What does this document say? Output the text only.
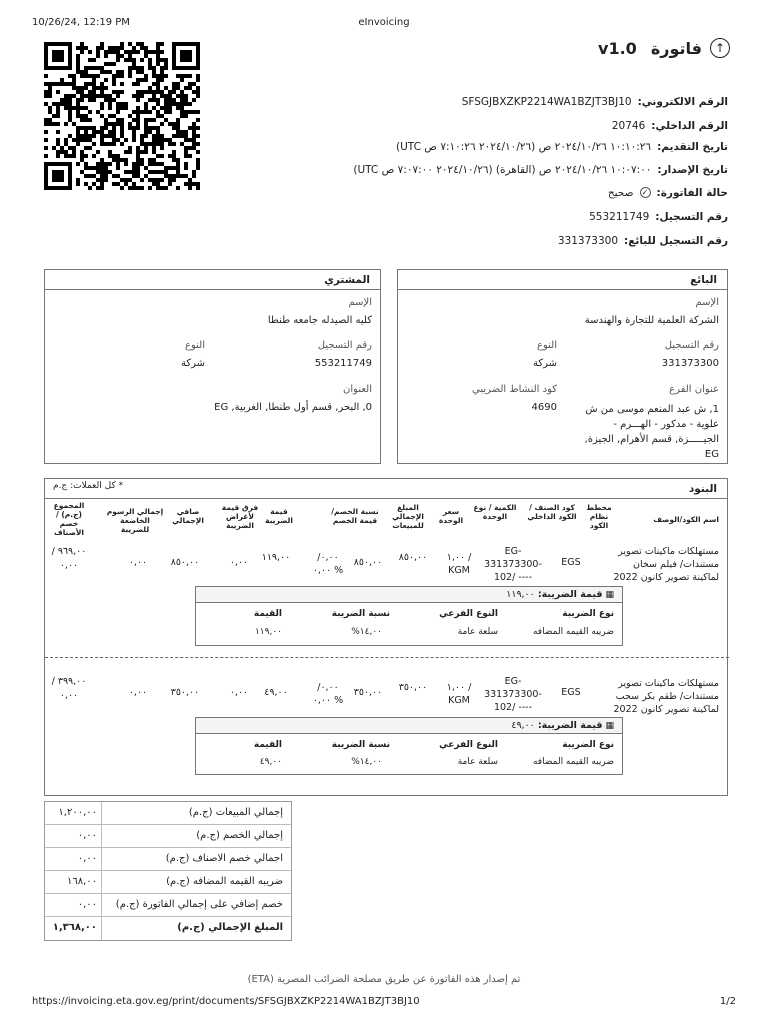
10/26/24, 12:19 PM	eInvoicing
https://invoicing.eta.gov.eg/print/documents/SFSGJBXZKP2214WA1BZJT3BJ10	1/2
↑
فاتورة
v1.0
الرقم الالكتروني:
SFSGJBXZKP2214WA1BZJT3BJ10
الرقم الداخلي:
20746
تاريخ التقديم:
١٠:١٠:٢٦ ٢٠٢٤/١٠/٢٦ ص (٢٠٢٤/١٠/٢٦ ٧:١٠:٢٦ ص UTC)
تاريخ الإصدار:
١٠:٠٧:٠٠ ٢٠٢٤/١٠/٢٦ ص (القاهرة) (٢٠٢٤/١٠/٢٦ ٧:٠٧:٠٠ ص UTC)
حالة الفاتورة:
✓
صحيح
رقم التسجيل:
553211749
رقم التسجيل للبائع:
331373300
البائع
الإسم
الشركة العلمية للتجارة والهندسة
رقم التسجيل
331373300
النوع
شركة
عنوان الفرع
1, ش عبد المنعم موسى من ش
علوية - مدكور - الهـــرم -
الجيـــــزة, قسم الأهرام, الجيزة,
EG
كود النشاط الضريبي
4690
المشتري
الإسم
كليه الصيدله جامعه طنطا
رقم التسجيل
553211749
النوع
شركة
العنوان
0, البحر, قسم أول طنطا, الغربية, EG
البنود
* كل العملات: ج.م
اسم الكود/الوصف
مخطط نظام الكود
كود الصنف / الكود الداخلي
الكمية / نوع الوحدة
سعر الوحدة
المبلغ الإجمالي للمبيعات
نسبة الخصم/ قيمة الخصم
قيمة الضريبة
فرق قيمة لأغراض الضريبة
صافي الإجمالي
إجمالي الرسوم الخاضعة للضريبة
المجموع (ج.م) / خصم الأصناف
مستهلكات ماكينات تصوير مستندات/ فيلم سخان لماكينة تصوير كانون 2022
EGS
EG-331373300-102/ ----
١,٠٠ / KGM
٨٥٠,٠٠
٨٥٠,٠٠
٠,٠٠/ ٠,٠٠ %
١١٩,٠٠
٠,٠٠
٨٥٠,٠٠
٠,٠٠
٩٦٩,٠٠ / ٠,٠٠
▦ قيمة الضريبة: ١١٩,٠٠
نوع الضريبة
النوع الفرعي
نسبة الضريبة
القيمة
ضريبه القيمه المضافه
سلعة عامة
١٤,٠٠%
١١٩,٠٠
مستهلكات ماكينات تصوير مستندات/ طقم بكر سحب لماكينة تصوير كانون 2022
EGS
EG-331373300-102/ ----
١,٠٠ / KGM
٣٥٠,٠٠
٣٥٠,٠٠
٠,٠٠/ ٠,٠٠ %
٤٩,٠٠
٠,٠٠
٣٥٠,٠٠
٠,٠٠
٣٩٩,٠٠ / ٠,٠٠
▦ قيمة الضريبة: ٤٩,٠٠
نوع الضريبة
النوع الفرعي
نسبة الضريبة
القيمة
ضريبه القيمه المضافه
سلعة عامة
١٤,٠٠%
٤٩,٠٠
إجمالي المبيعات (ج.م)
١,٢٠٠,٠٠
إجمالي الخصم (ج.م)
٠,٠٠
اجمالي خصم الاصناف (ج.م)
٠,٠٠
ضريبه القيمه المضافه (ج.م)
١٦٨,٠٠
خصم إضافي على إجمالي الفاتورة (ج.م)
٠,٠٠
المبلغ الإجمالي (ج.م)
١,٣٦٨,٠٠
تم إصدار هذه الفاتورة عن طريق مصلحة الضرائب المصرية (ETA)
